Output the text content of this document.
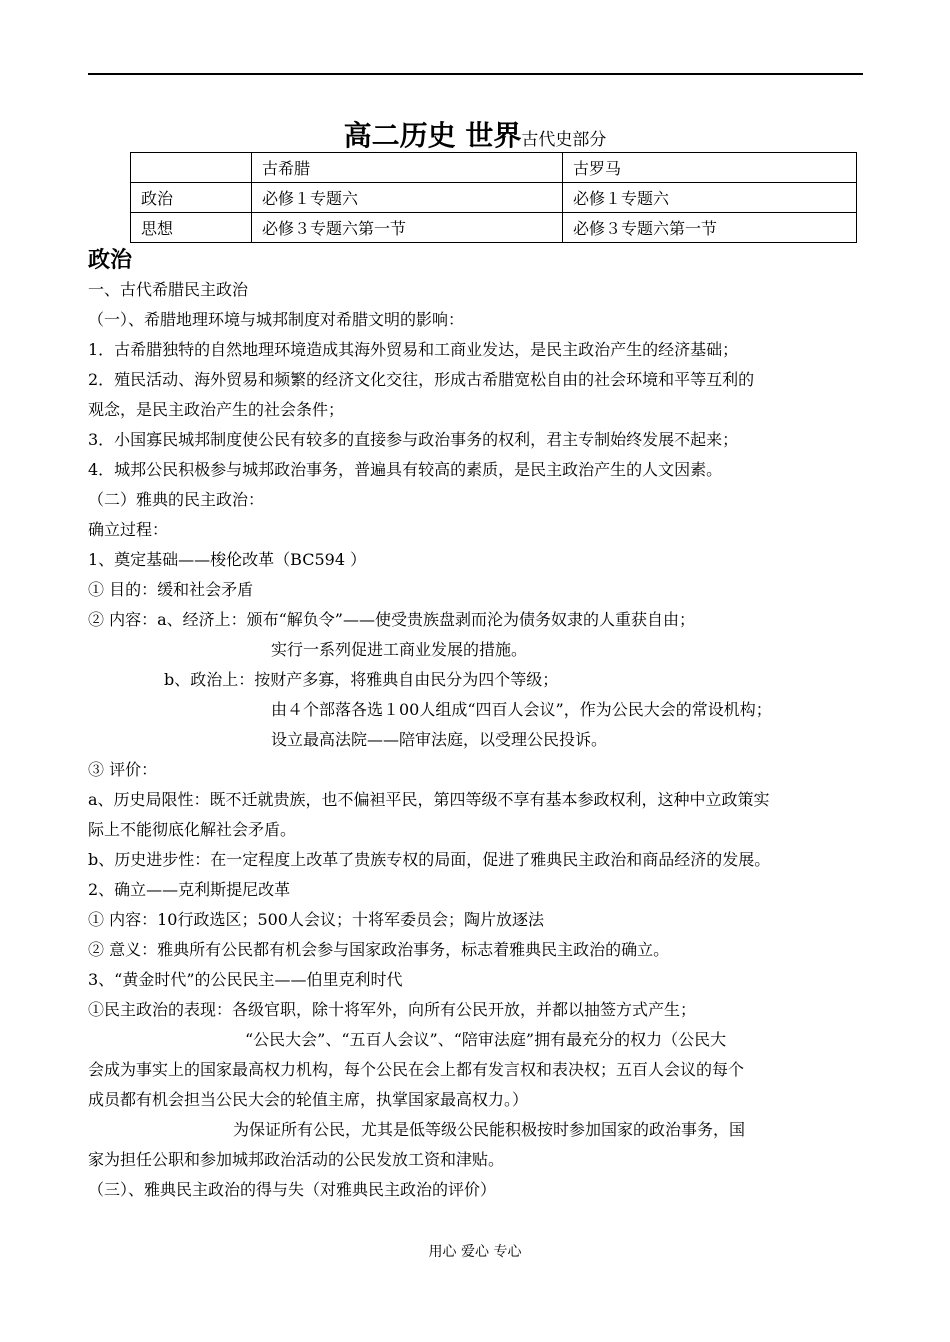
高二历史 世界古代史部分
	古希腊	古罗马
政治	必修１专题六	必修１专题六
思想	必修３专题六第一节	必修３专题六第一节
政治
一、古代希腊民主政治
（一）、希腊地理环境与城邦制度对希腊文明的影响：
1．古希腊独特的自然地理环境造成其海外贸易和工商业发达，是民主政治产生的经济基础；
2．殖民活动、海外贸易和频繁的经济文化交往，形成古希腊宽松自由的社会环境和平等互利的
观念，是民主政治产生的社会条件；
3．小国寡民城邦制度使公民有较多的直接参与政治事务的权利，君主专制始终发展不起来；
4．城邦公民积极参与城邦政治事务，普遍具有较高的素质，是民主政治产生的人文因素。
（二）雅典的民主政治：
确立过程：
1、奠定基础——梭伦改革（BC594 ）
① 目的：缓和社会矛盾
② 内容：a、经济上：颁布“解负令”——使受贵族盘剥而沦为债务奴隶的人重获自由；
实行一系列促进工商业发展的措施。
b、政治上：按财产多寡，将雅典自由民分为四个等级；
由４个部落各选１00人组成“四百人会议”，作为公民大会的常设机构；
设立最高法院——陪审法庭，以受理公民投诉。
③ 评价：
a、历史局限性：既不迁就贵族，也不偏袒平民，第四等级不享有基本参政权利，这种中立政策实
际上不能彻底化解社会矛盾。
b、历史进步性：在一定程度上改革了贵族专权的局面，促进了雅典民主政治和商品经济的发展。
2、确立——克利斯提尼改革
① 内容：10行政选区；500人会议；十将军委员会；陶片放逐法
② 意义：雅典所有公民都有机会参与国家政治事务，标志着雅典民主政治的确立。
3、“黄金时代”的公民民主——伯里克利时代
①民主政治的表现：各级官职，除十将军外，向所有公民开放，并都以抽签方式产生；
“公民大会”、“五百人会议”、“陪审法庭”拥有最充分的权力（公民大
会成为事实上的国家最高权力机构，每个公民在会上都有发言权和表决权；五百人会议的每个
成员都有机会担当公民大会的轮值主席，执掌国家最高权力。）
为保证所有公民，尤其是低等级公民能积极按时参加国家的政治事务，国
家为担任公职和参加城邦政治活动的公民发放工资和津贴。
（三）、雅典民主政治的得与失（对雅典民主政治的评价）
用心 爱心 专心
